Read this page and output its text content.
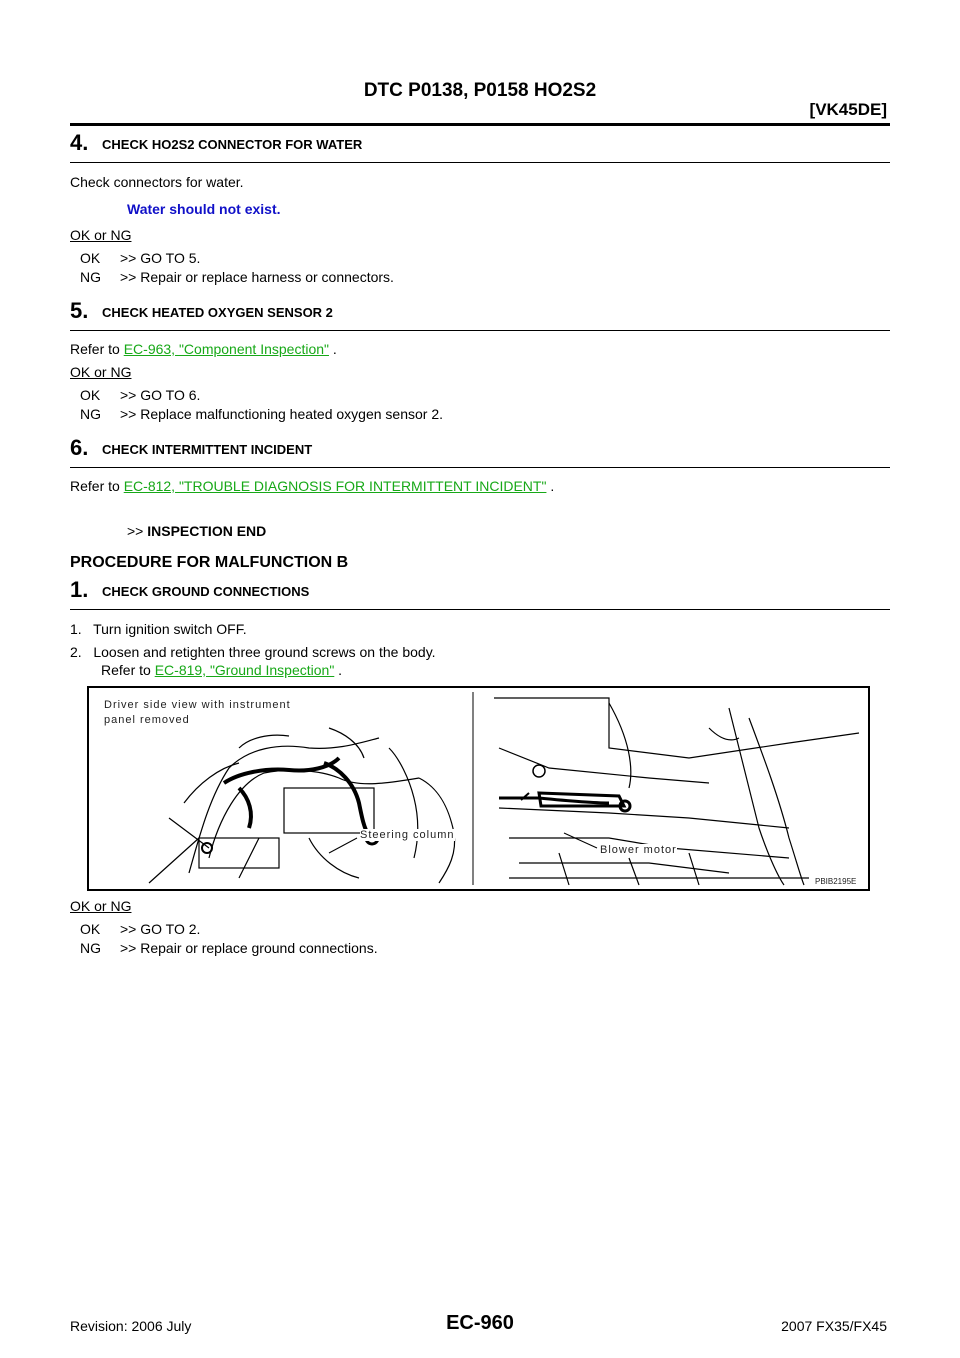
DTC P0138, P0158 HO2S2
[VK45DE]
4. CHECK HO2S2 CONNECTOR FOR WATER
Check connectors for water.
Water should not exist.
OK or NG
OK >> GO TO 5.
NG >> Repair or replace harness or connectors.
5. CHECK HEATED OXYGEN SENSOR 2
Refer to EC-963, "Component Inspection" .
OK or NG
OK >> GO TO 6.
NG >> Replace malfunctioning heated oxygen sensor 2.
6. CHECK INTERMITTENT INCIDENT
Refer to EC-812, "TROUBLE DIAGNOSIS FOR INTERMITTENT INCIDENT" .
>> INSPECTION END
PROCEDURE FOR MALFUNCTION B
1. CHECK GROUND CONNECTIONS
1.   Turn ignition switch OFF.
2.   Loosen and retighten three ground screws on the body.
Refer to EC-819, "Ground Inspection" .
Driver side view with instrument
panel removed
Steering column
Blower motor
PBIB2195E
OK or NG
OK >> GO TO 2.
NG >> Repair or replace ground connections.
Revision: 2006 July	EC-960	2007 FX35/FX45
